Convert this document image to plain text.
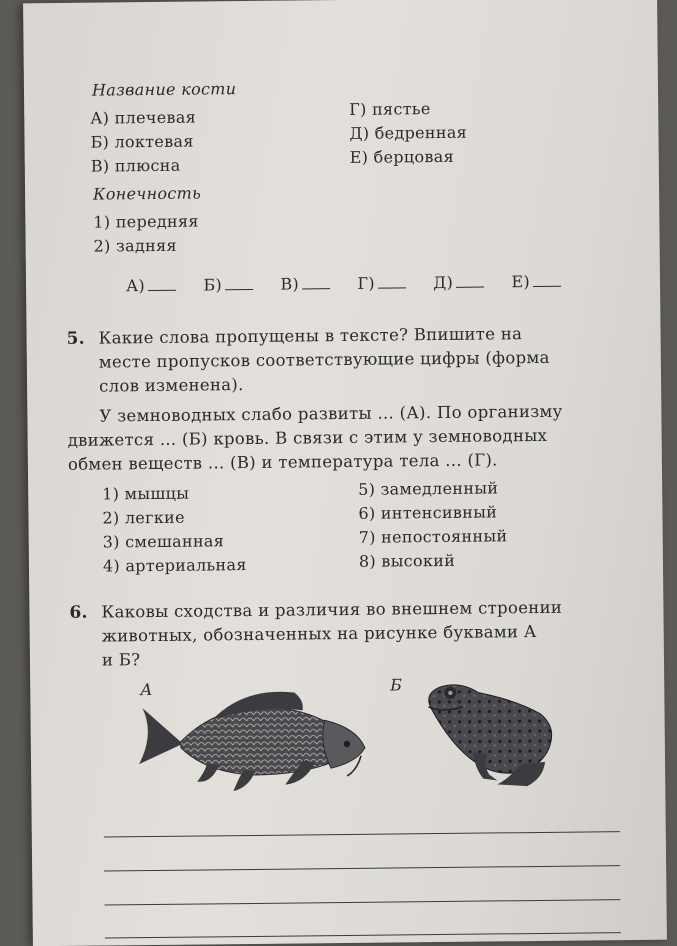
Название кости
А) плечевая
Б) локтевая
В) плюсна
Г) пястье
Д) бедренная
Е) берцовая
Конечность
1) передняя
2) задняя
А)	Б)	В)	Г)	Д)	Е)
5. Какие слова пропущены в тексте? Впишите на
месте пропусков соответствующие цифры (форма
слов изменена).
У земноводных слабо развиты ... (А). По организму
движется ... (Б) кровь. В связи с этим у земноводных
обмен веществ ... (В) и температура тела ... (Г).
1) мышцы
2) легкие
3) смешанная
4) артериальная
5) замедленный
6) интенсивный
7) непостоянный
8) высокий
6. Каковы сходства и различия во внешнем строении
животных, обозначенных на рисунке буквами А
и Б?
А	Б
